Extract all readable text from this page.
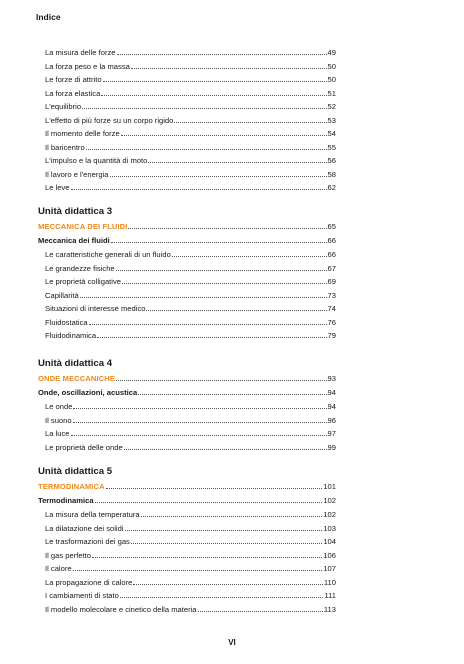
Indice
La misura delle forze	49
La forza peso e la massa	50
Le forze di attrito	50
La forza elastica	51
L'equilibrio	52
L'effetto di più forze su un corpo rigido	53
Il momento delle forze	54
Il baricentro	55
L'impulso e la quantità di moto	56
Il lavoro e l'energia	58
Le leve	62
MECCANICA DEI FLUIDI	65
Meccanica dei fluidi	66
Le caratteristiche generali di un fluido	66
Le grandezze fisiche	67
Le proprietà colligative	69
Capillarità	73
Situazioni di interesse medico	74
Fluidostatica	76
Fluidodinamica	79
ONDE MECCANICHE	93
Onde, oscillazioni, acustica	94
Le onde	94
Il suono	96
La luce	97
Le proprietà delle onde	99
TERMODINAMICA	101
Termodinamica	102
La misura della temperatura	102
La dilatazione dei solidi	103
Le trasformazioni dei gas	104
Il gas perfetto	106
Il calore	107
La propagazione di calore	110
I cambiamenti di stato	111
Il modello molecolare e cinetico della materia	113
VI
Unità didattica 3
Unità didattica 4
Unità didattica 5
